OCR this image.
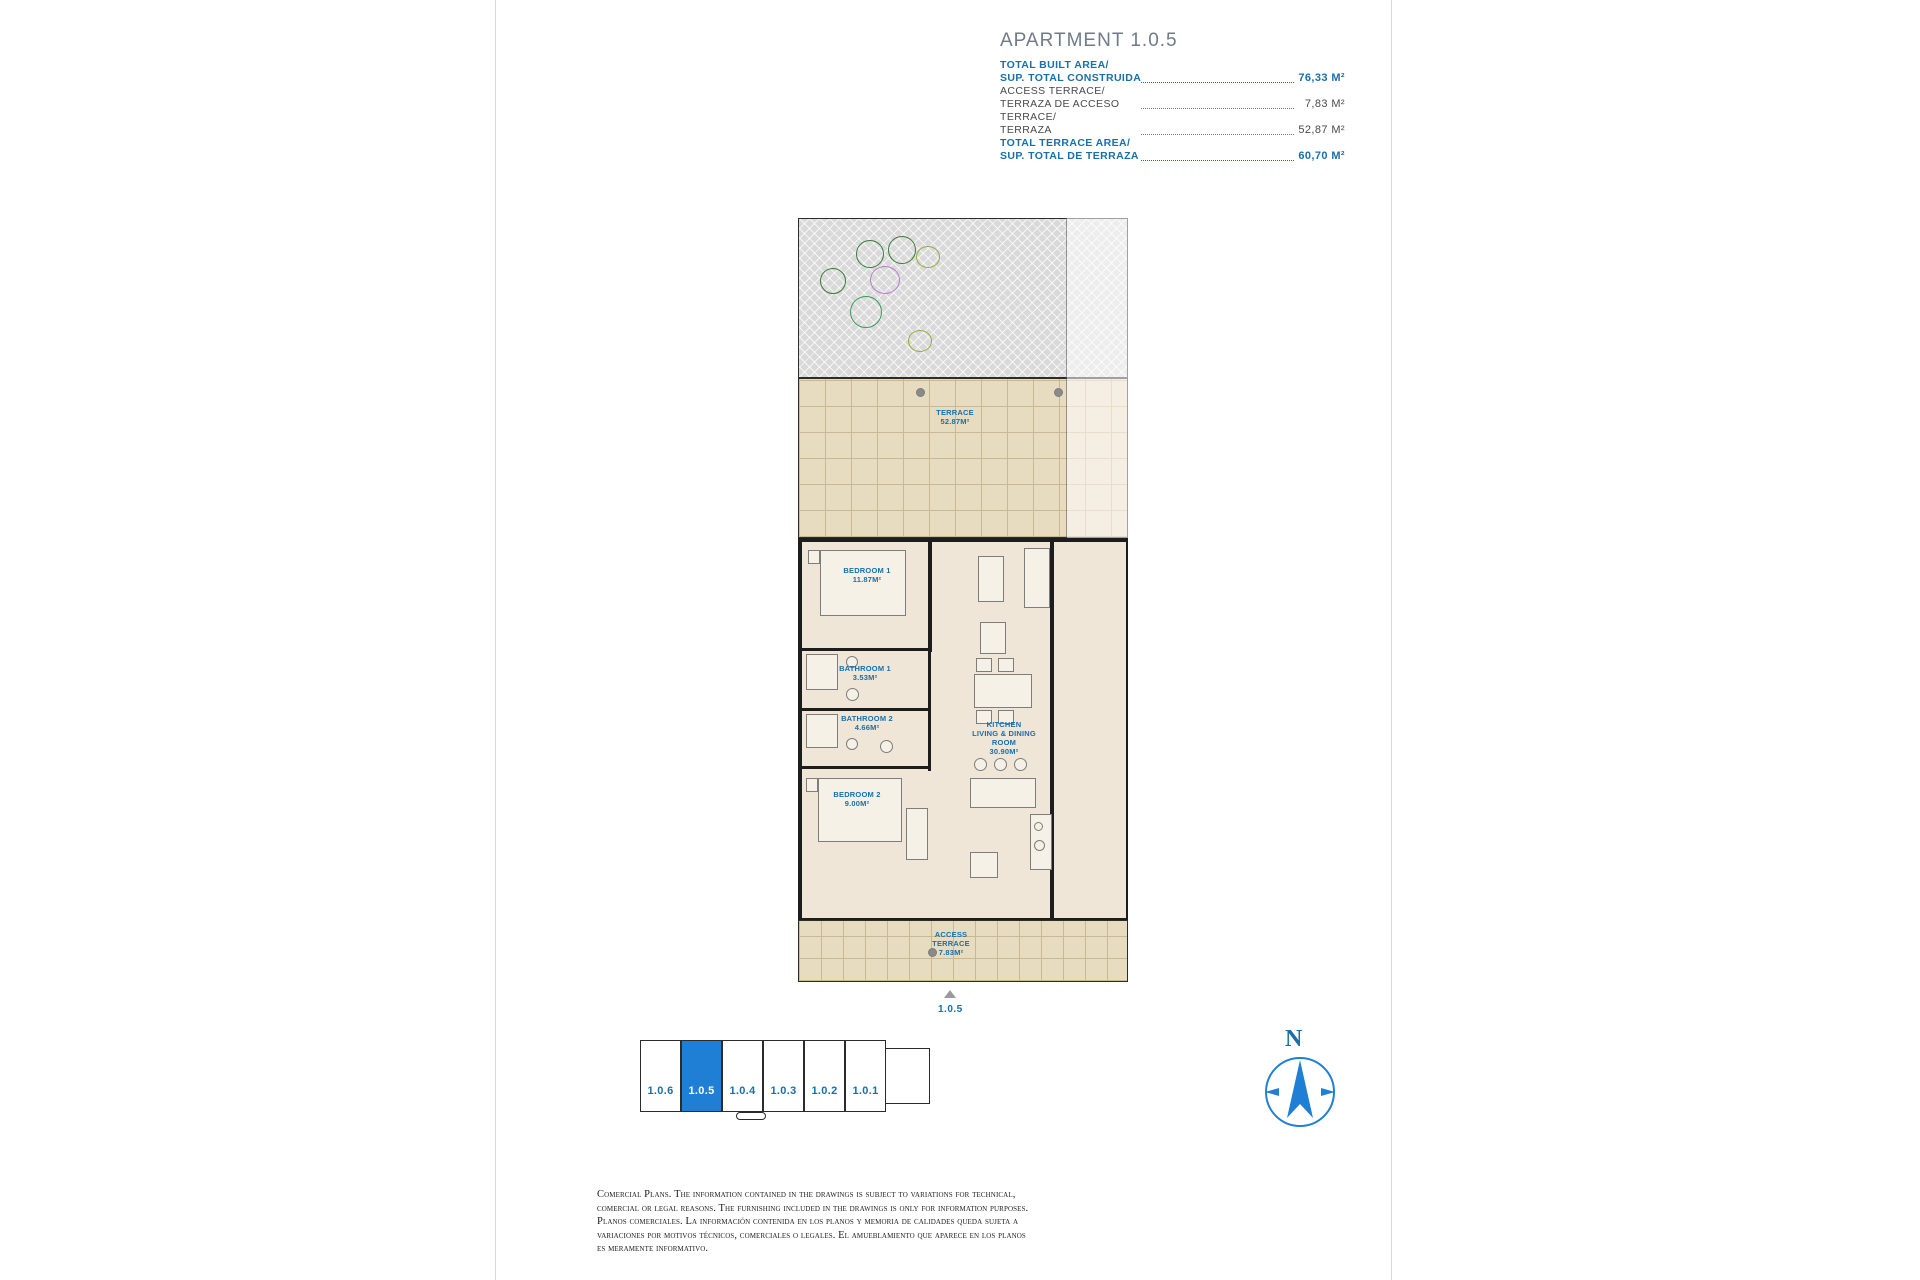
APARTMENT 1.0.5
TOTAL BUILT AREA/		
SUP. TOTAL CONSTRUIDA		76,33 M²
ACCESS TERRACE/		
TERRAZA DE ACCESO		7,83 M²
TERRACE/		
TERRAZA		52,87 M²
TOTAL TERRACE AREA/		
SUP. TOTAL DE TERRAZA		60,70 M²
TERRACE
52.87M²
BEDROOM 1
11.87M²
BATHROOM 1
3.53M²
BATHROOM 2
4.66M²
BEDROOM 2
9.00M²
KITCHEN
LIVING & DINING
ROOM
30.90M²
ACCESS
TERRACE
7.83M²
1.0.5
1.0.6	1.0.5	1.0.4	1.0.3	1.0.2	1.0.1
N
Comercial Plans. The information contained in the drawings is subject to variations for technical,
comercial or legal reasons. The furnishing included in the drawings is only for information purposes.
Planos comerciales. La información contenida en los planos y memoria de calidades queda sujeta a
variaciones por motivos técnicos, comerciales o legales. El amueblamiento que aparece en los planos
es meramente informativo.
